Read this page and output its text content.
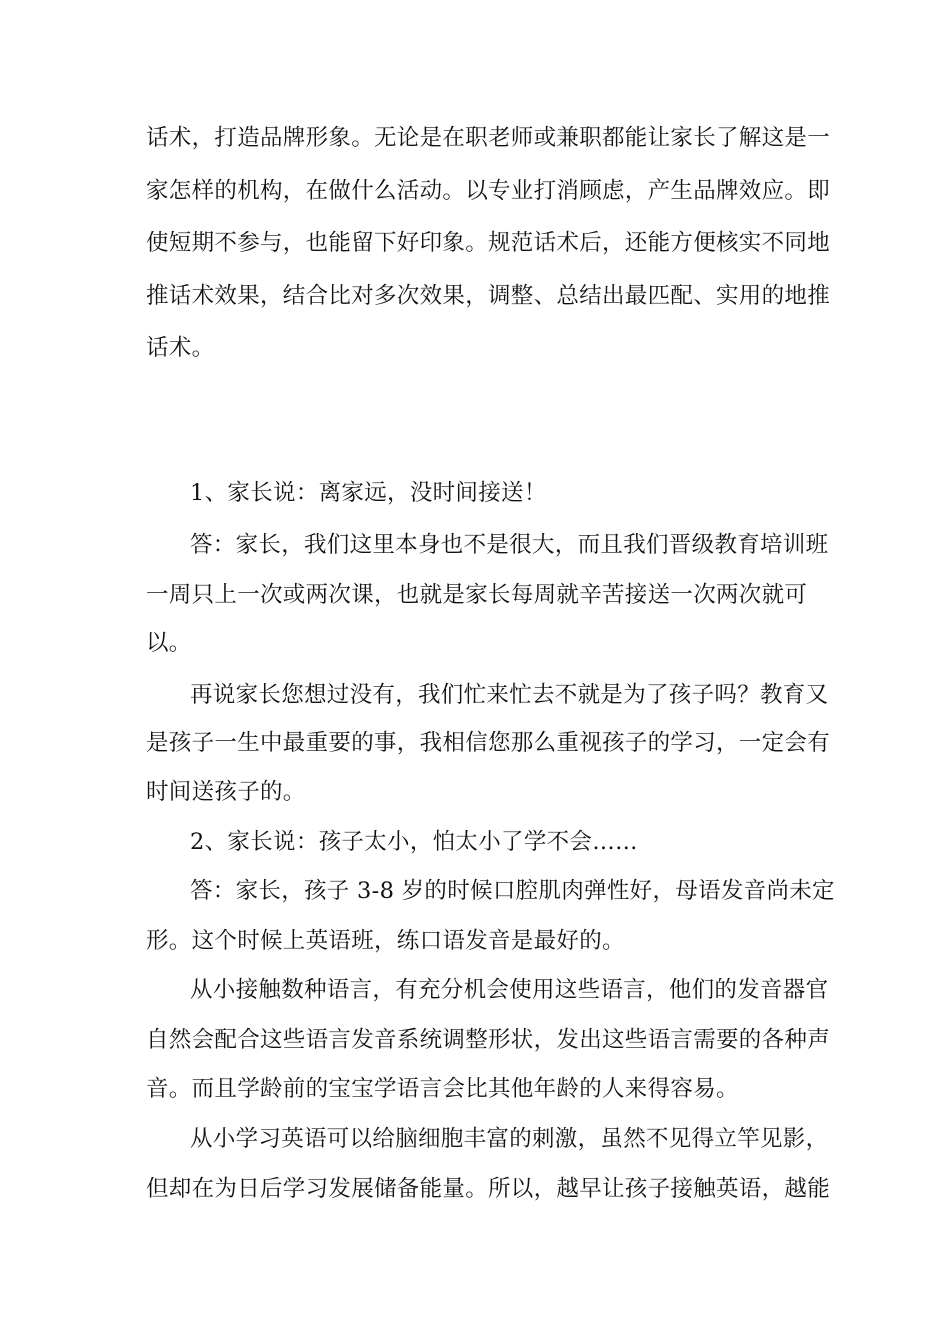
话术，打造品牌形象。无论是在职老师或兼职都能让家长了解这是一
家怎样的机构，在做什么活动。以专业打消顾虑，产生品牌效应。即
使短期不参与，也能留下好印象。规范话术后，还能方便核实不同地
推话术效果，结合比对多次效果，调整、总结出最匹配、实用的地推
话术。
1、家长说：离家远，没时间接送！
答：家长，我们这里本身也不是很大，而且我们晋级教育培训班
一周只上一次或两次课，也就是家长每周就辛苦接送一次两次就可
以。
再说家长您想过没有，我们忙来忙去不就是为了孩子吗？教育又
是孩子一生中最重要的事，我相信您那么重视孩子的学习，一定会有
时间送孩子的。
2、家长说：孩子太小，怕太小了学不会……
答：家长，孩子 3-8 岁的时候口腔肌肉弹性好，母语发音尚未定
形。这个时候上英语班，练口语发音是最好的。
从小接触数种语言，有充分机会使用这些语言，他们的发音器官
自然会配合这些语言发音系统调整形状，发出这些语言需要的各种声
音。而且学龄前的宝宝学语言会比其他年龄的人来得容易。
从小学习英语可以给脑细胞丰富的刺激，虽然不见得立竿见影，
但却在为日后学习发展储备能量。所以，越早让孩子接触英语，越能
